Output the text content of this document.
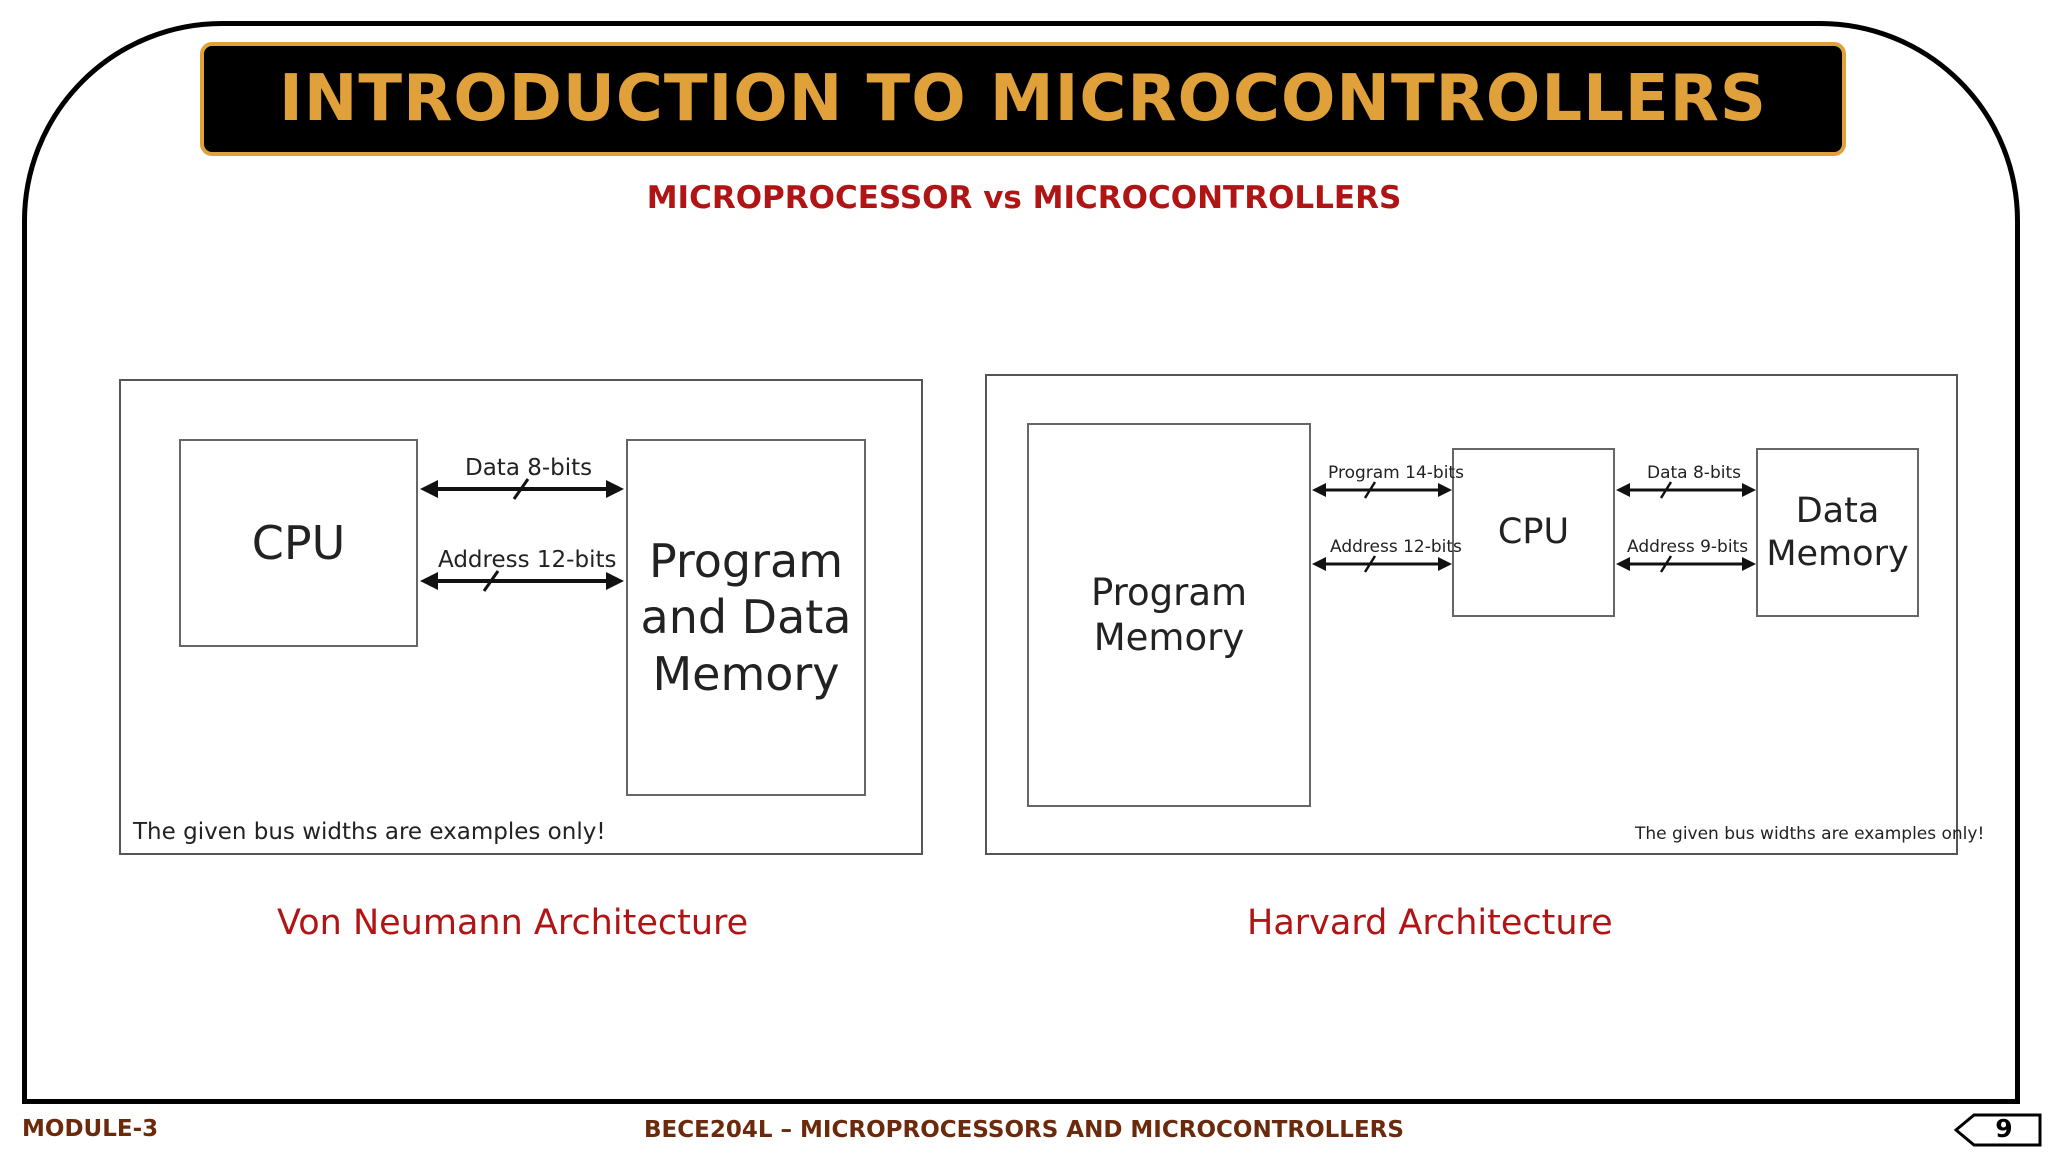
INTRODUCTION TO MICROCONTROLLERS
MICROPROCESSOR vs MICROCONTROLLERS
CPU	Program and Data Memory
Data 8-bits
Address 12-bits
The given bus widths are examples only!
Program Memory
CPU
Data Memory
Program 14-bits
Address 12-bits
Data 8-bits
Address 9-bits
The given bus widths are examples only!
Von Neumann Architecture	Harvard Architecture
MODULE-3	BECE204L – MICROPROCESSORS AND MICROCONTROLLERS	9
